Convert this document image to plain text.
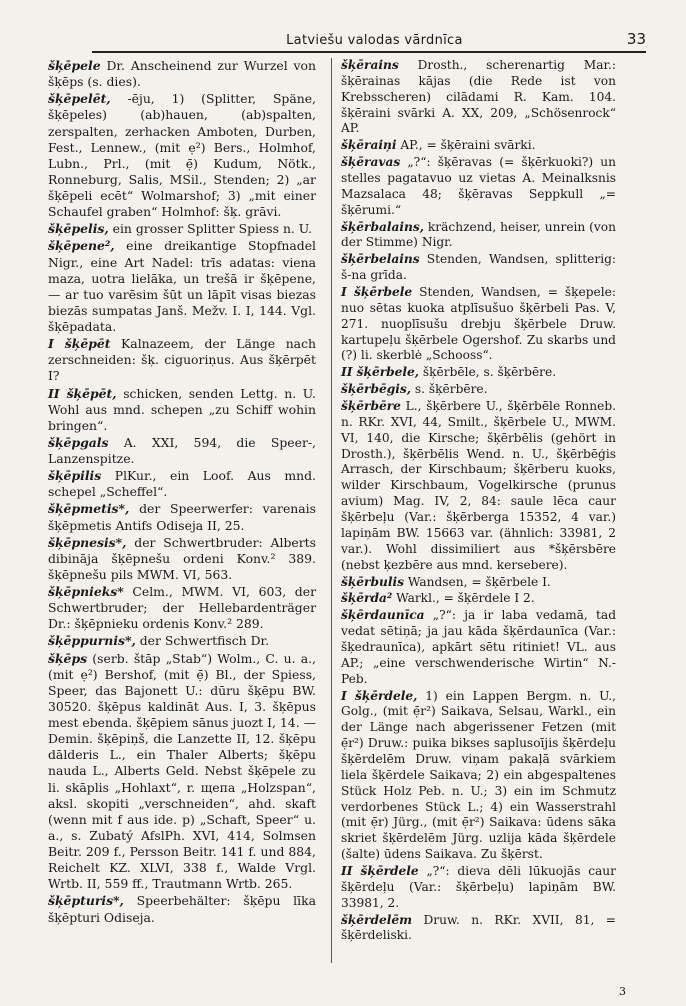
Latviešu valodas vārdnīca	33

šķēpele Dr. Anscheinend zur Wurzel von šķēps (s. dies).

šķēpelēt, -ēju, 1) (Splitter, Späne, šķēpeles) (ab)hauen, (ab)spalten, zerspalten, zerhacken Amboten, Durben, Fest., Lennew., (mit ẹ²) Bers., Holmhof, Lubn., Prl., (mit ẹ̄) Kudum, Nötk., Ronneburg, Salis, MSil., Stenden; 2) „ar šķēpeli ecēt“ Wolmarshof; 3) „mit einer Schaufel graben“ Holmhof: šķ. grāvi.

šķēpelis, ein grosser Splitter Spiess n. U.

šķēpene², eine dreikantige Stopfnadel Nigr., eine Art Nadel: trīs adatas: viena maza, uotra lielāka, un trešā ir šķēpene, — ar tuo varēsim šūt un lāpīt visas biezas biezās sumpatas Janš. Mežv. I. I, 144. Vgl. šķēpadata.

I šķēpēt Kalnazeem, der Länge nach zerschneiden: šķ. ciguoriņus. Aus šķērpēt I?

II šķēpēt, schicken, senden Lettg. n. U. Wohl aus mnd. schepen „zu Schiff wohin bringen“.

šķēpgals A. XXI, 594, die Speer-, Lanzenspitze.

šķēpilis PlKur., ein Loof. Aus mnd. schepel „Scheffel“.

šķēpmetis*, der Speerwerfer: varenais šķēpmetis Antifs Odiseja II, 25.

šķēpnesis*, der Schwertbruder: Alberts dibināja šķēpnešu ordeni Konv.² 389. šķēpnešu pils MWM. VI, 563.

šķēpnieks* Celm., MWM. VI, 603, der Schwertbruder; der Hellebardenträger Dr.: šķēpnieku ordenis Konv.² 289.

šķēppurnis*, der Schwertfisch Dr.

šķēps (serb. štāp „Stab“) Wolm., C. u. a., (mit ẹ²) Bershof, (mit ẹ̄) Bl., der Spiess, Speer, das Bajonett U.: dūru šķēpu BW. 30520. šķēpus kaldināt Aus. I, 3. šķēpus mest ebenda. šķēpiem sānus juozt I, 14. — Demin. šķēpiņš, die Lanzette II, 12. šķēpu dālderis L., ein Thaler Alberts; šķēpu nauda L., Alberts Geld. Nebst šķēpele zu li. skāplis „Hohlaxt“, r. щепа „Holzspan“, aksl. skopiti „verschneiden“, ahd. skaft (wenn mit f aus ide. p) „Schaft, Speer“ u. a., s. Zubatý AfslPh. XVI, 414, Solmsen Beitr. 209 f., Persson Beitr. 141 f. und 884, Reichelt KZ. XLVI, 338 f., Walde Vrgl. Wrtb. II, 559 ff., Trautmann Wrtb. 265.

šķēpturis*, Speerbehälter: šķēpu līka šķēpturi Odiseja.

šķērains Drosth., scherenartig Mar.: šķērainas kājas (die Rede ist von Krebsscheren) cilādami R. Kam. 104. šķēraini svārki A. XX, 209, „Schösenrock“ AP.

šķēraiņi AP., = šķēraini svārki.

šķēravas „?“: šķēravas (= šķērkuoki?) un stelles pagatavuo uz vietas A. Meinalksnis Mazsalaca 48; šķēravas Seppkull „= šķērumi.“

šķērbalains, krächzend, heiser, unrein (von der Stimme) Nigr.

šķērbelains Stenden, Wandsen, splitterig: š-na grīda.

I šķērbele Stenden, Wandsen, = šķepele: nuo sētas kuoka atplīsušuo šķērbeli Pas. V, 271. nuoplīsušu drebju šķērbele Druw. kartupeļu šķērbele Ogershof. Zu skarbs und (?) li. skerblė „Schooss“.

II šķērbele, šķērbēle, s. šķērbēre.

šķērbēgis, s. šķērbēre.

šķērbēre L., šķērbere U., šķērbēle Ronneb. n. RKr. XVI, 44, Smilt., šķērbele U., MWM. VI, 140, die Kirsche; šķērbēlis (gehört in Drosth.), šķērbēlis Wend. n. U., šķērbēģis Arrasch, der Kirschbaum; šķērberu kuoks, wilder Kirschbaum, Vogelkirsche (prunus avium) Mag. IV, 2, 84: saule lēca caur šķērbeļu (Var.: šķērberga 15352, 4 var.) lapiņām BW. 15663 var. (ähnlich: 33981, 2 var.). Wohl dissimiliert aus *šķērsbēre (nebst ķezbēre aus mnd. kersebere).

šķērbulis Wandsen, = šķērbele I.

šķērda² Warkl., = šķērdele I 2.

šķērdaunīca „?“: ja ir laba vedamā, tad vedat sētiņā; ja jau kāda šķērdaunīca (Var.: šķedraunīca), apkārt sētu ritiniet! VL. aus AP.; „eine verschwenderische Wirtin“ N.-Peb.

I šķērdele, 1) ein Lappen Bergm. n. U., Golg., (mit ẹ̄r²) Saikava, Selsau, Warkl., ein der Länge nach abgerissener Fetzen (mit ẹ̄r²) Druw.: puika bikses saplusoījis šķērdeļu šķērdelēm Druw. viņam pakaļā svārkiem liela šķērdele Saikava; 2) ein abgespaltenes Stück Holz Peb. n. U.; 3) ein im Schmutz verdorbenes Stück L.; 4) ein Wasserstrahl (mit ẹ̄r) Jürg., (mit ẹ̄r²) Saikava: ūdens sāka skriet šķērdelēm Jürg. uzlija kāda šķērdele (šalte) ūdens Saikava. Zu šķērst.

II šķērdele „?“: dieva dēli lūkuojās caur šķērdeļu (Var.: šķērbeļu) lapiņām BW. 33981, 2.

šķērdelēm Druw. n. RKr. XVII, 81, = šķērdeliski.

3
